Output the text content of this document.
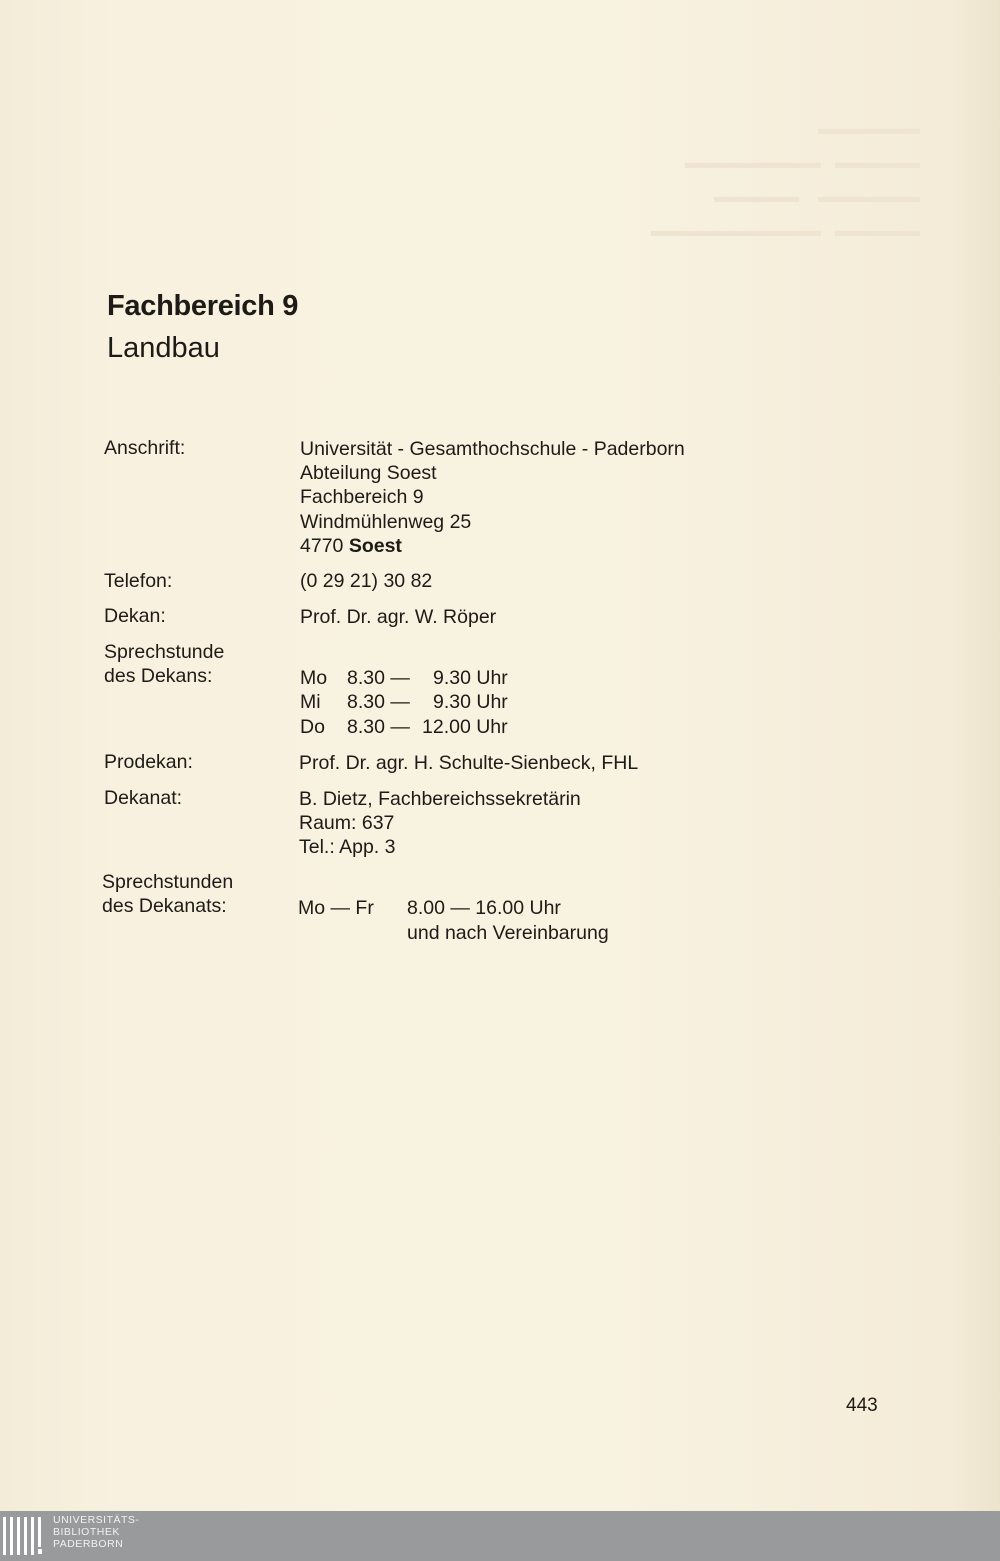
▬▬▬▬▬▬
▬▬▬▬▬   ▬▬▬▬▬▬▬▬
▬▬▬▬▬▬    ▬▬▬▬▬
▬▬▬▬▬   ▬▬▬▬▬▬▬▬▬▬
Fachbereich 9
Landbau
Anschrift:	Universität - Gesamthochschule - Paderborn
Abteilung Soest
Fachbereich 9
Windmühlenweg 25
4770 Soest
Telefon:	(0 29 21) 30 82
Dekan:	Prof. Dr. agr. W. Röper
Sprechstunde
des Dekans:	Mo 8.30 — 9.30 Uhr
Mi 8.30 — 9.30 Uhr
Do 8.30 — 12.00 Uhr
Prodekan:	Prof. Dr. agr. H. Schulte-Sienbeck, FHL
Dekanat:	B. Dietz, Fachbereichssekretärin
Raum: 637
Tel.: App. 3
Sprechstunden
des Dekanats:	Mo — Fr 8.00 — 16.00 Uhr
und nach Vereinbarung
443
UNIVERSITÄTS-
BIBLIOTHEK
PADERBORN
